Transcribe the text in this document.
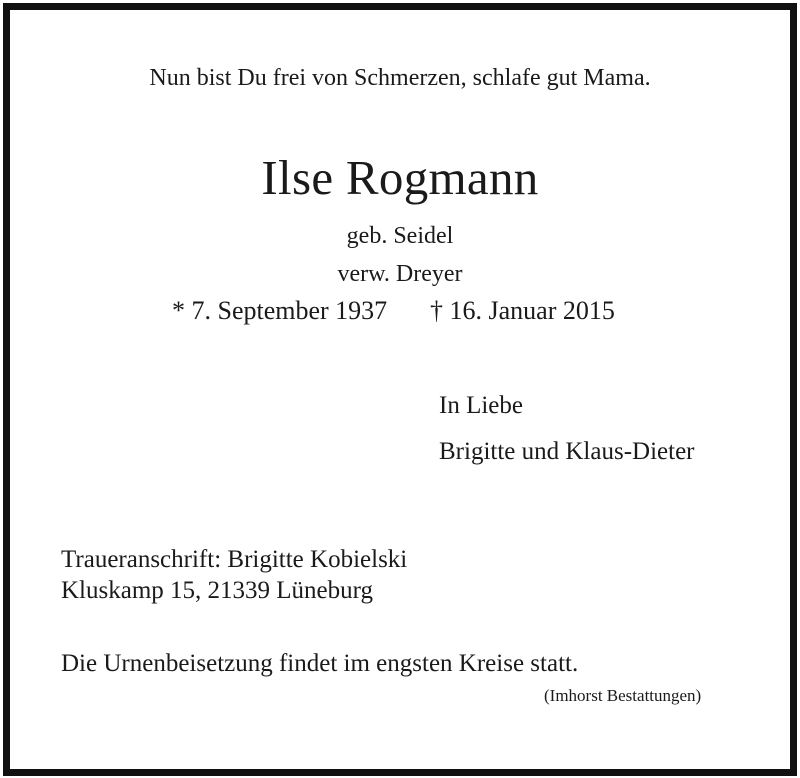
Nun bist Du frei von Schmerzen, schlafe gut Mama.

Ilse Rogmann

geb. Seidel

verw. Dreyer

* 7. September 1937 † 16. Januar 2015

In Liebe

Brigitte und Klaus-Dieter

Traueranschrift: Brigitte Kobielski

Kluskamp 15, 21339 Lüneburg

Die Urnenbeisetzung findet im engsten Kreise statt.

(Imhorst Bestattungen)
